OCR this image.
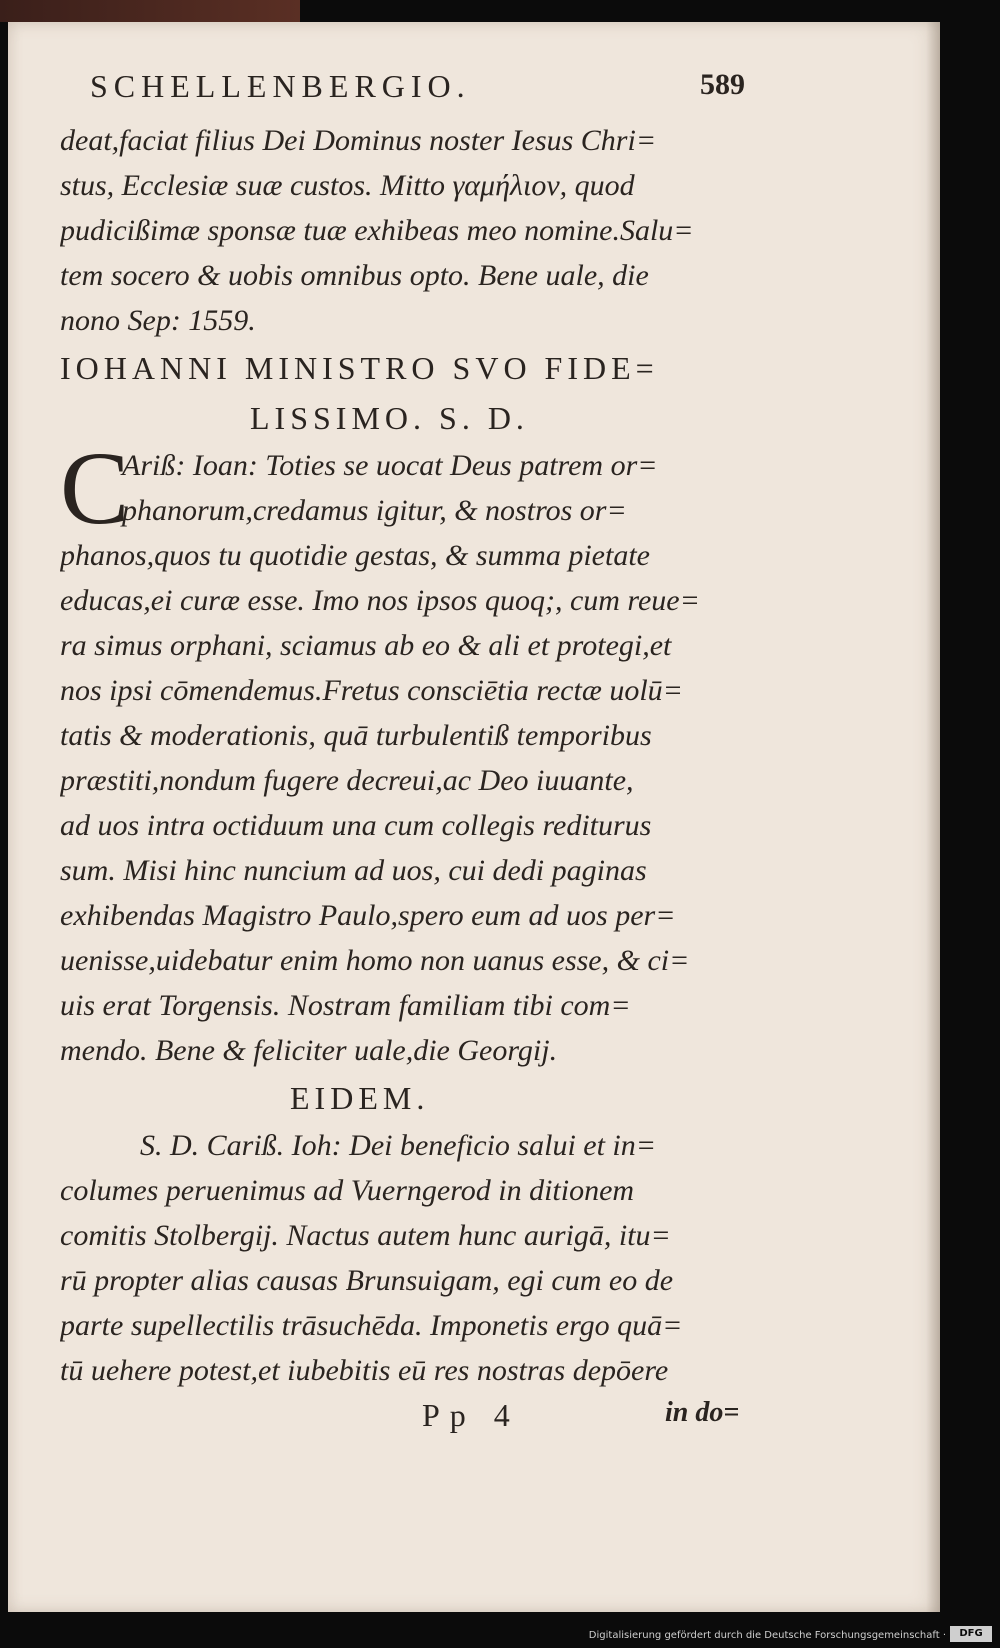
SCHELLENBERGIO.	589
deat,faciat filius Dei Dominus noster Iesus Chri=
stus, Ecclesiæ suæ custos. Mitto γαμήλιον, quod
pudicißimæ sponsæ tuæ exhibeas meo nomine.Salu=
tem socero & uobis omnibus opto. Bene uale, die
nono Sep: 1559.
IOHANNI MINISTRO SVO FIDE=
LISSIMO. S. D.
C
Ariß: Ioan: Toties se uocat Deus patrem or=
phanorum,credamus igitur, & nostros or=
phanos,quos tu quotidie gestas, & summa pietate
educas,ei curæ esse. Imo nos ipsos quoq;, cum reue=
ra simus orphani, sciamus ab eo & ali et protegi,et
nos ipsi cōmendemus.Fretus consciētia rectæ uolū=
tatis & moderationis, quā turbulentiß temporibus
præstiti,nondum fugere decreui,ac Deo iuuante,
ad uos intra octiduum una cum collegis rediturus
sum. Misi hinc nuncium ad uos, cui dedi paginas
exhibendas Magistro Paulo,spero eum ad uos per=
uenisse,uidebatur enim homo non uanus esse, & ci=
uis erat Torgensis. Nostram familiam tibi com=
mendo. Bene & feliciter uale,die Georgij.
EIDEM.
S. D. Cariß. Ioh: Dei beneficio salui et in=
columes peruenimus ad Vuerngerod in ditionem
comitis Stolbergij. Nactus autem hunc aurigā, itu=
rū propter alias causas Brunsuigam, egi cum eo de
parte supellectilis trāsuchēda. Imponetis ergo quā=
tū uehere potest,et iubebitis eū res nostras depōere
Pp 4	in do=
Digitalisierung gefördert durch die Deutsche Forschungsgemeinschaft ·	DFG
